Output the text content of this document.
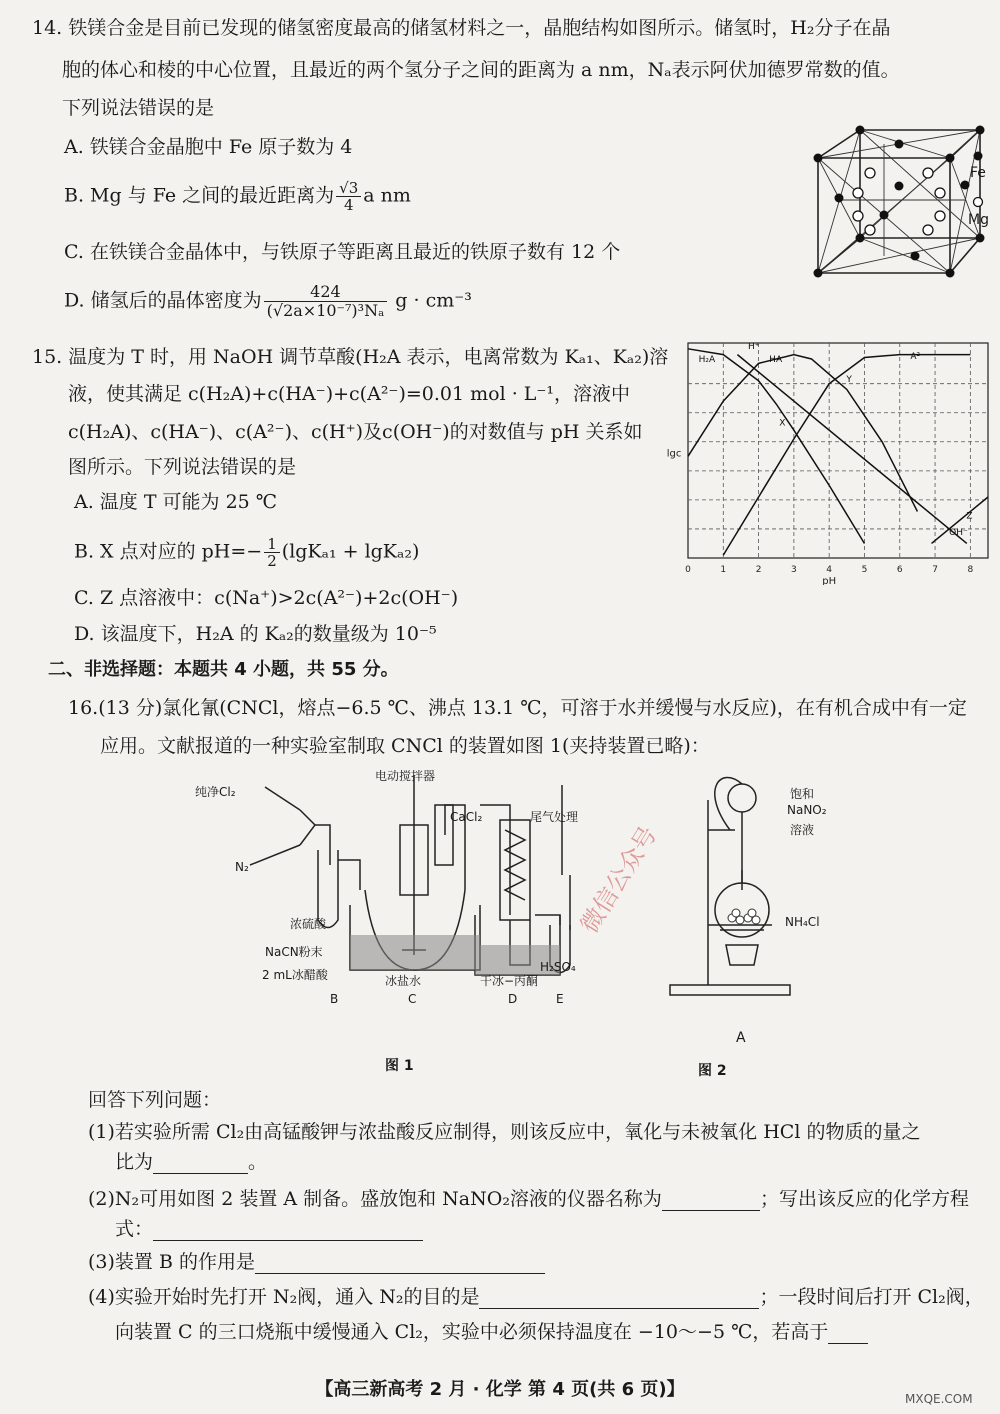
14. 铁镁合金是目前已发现的储氢密度最高的储氢材料之一，晶胞结构如图所示。储氢时，H₂分子在晶
胞的体心和棱的中心位置，且最近的两个氢分子之间的距离为 a nm，Nₐ表示阿伏加德罗常数的值。
下列说法错误的是
A. 铁镁合金晶胞中 Fe 原子数为 4
B. Mg 与 Fe 之间的最近距离为 $\frac{√3}{4}$ a nm
C. 在铁镁合金晶体中，与铁原子等距离且最近的铁原子数有 12 个
D. 储氢后的晶体密度为 $\frac{424}{\text{(√2a×10⁻⁷)³Nₐ}}$ g · cm⁻³
Fe
Mg
15. 温度为 T 时，用 NaOH 调节草酸(H₂A 表示，电离常数为 Kₐ₁、Kₐ₂)溶
液，使其满足 c(H₂A)+c(HA⁻)+c(A²⁻)=0.01 mol · L⁻¹，溶液中
c(H₂A)、c(HA⁻)、c(A²⁻)、c(H⁺)及c(OH⁻)的对数值与 pH 关系如
图所示。下列说法错误的是
A. 温度 T 可能为 25 ℃
B. X 点对应的 $pH=- \frac{1}{2} (\lg K_{a1} + \lg K_{a2})$
C. Z 点溶液中：c(Na⁺)>2c(A²⁻)+2c(OH⁻)
D. 该温度下，H₂A 的 Kₐ₂的数量级为 10⁻⁵
0	1	2	3	4	5	6	7	8
pH
lgc
H₂A	HA⁻	A²⁻
H⁺
OH⁻
X
Y
Z
二、非选择题：本题共 4 小题，共 55 分。
16.(13 分)氯化氰(CNCl，熔点−6.5 ℃、沸点 13.1 ℃，可溶于水并缓慢与水反应)，在有机合成中有一定
应用。文献报道的一种实验室制取 CNCl 的装置如图 1(夹持装置已略)：
纯净Cl₂
N₂
电动搅拌器
CaCl₂	尾气处理
浓硫酸
NaCN粉末
2 mL冰醋酸	冰盐水	干冰−丙酮
H₂SO₄
B	C	D	E
图 1
饱和
NaNO₂
溶液
NH₄Cl
A
图 2
微信公众号
回答下列问题：
(1)若实验所需 Cl₂由高锰酸钾与浓盐酸反应制得，则该反应中，氧化与未被氧化 HCl 的物质的量之
比为	。
(2)N₂可用如图 2 装置 A 制备。盛放饱和 NaNO₂溶液的仪器名称为	；写出该反应的化学方程
式：
(3)装置 B 的作用是
(4)实验开始时先打开 N₂阀，通入 N₂的目的是	；一段时间后打开 Cl₂阀，
向装置 C 的三口烧瓶中缓慢通入 Cl₂，实验中必须保持温度在 −10～−5 ℃，若高于
【高三新高考 2 月 · 化学 第 4 页(共 6 页)】	MXQE.COM
